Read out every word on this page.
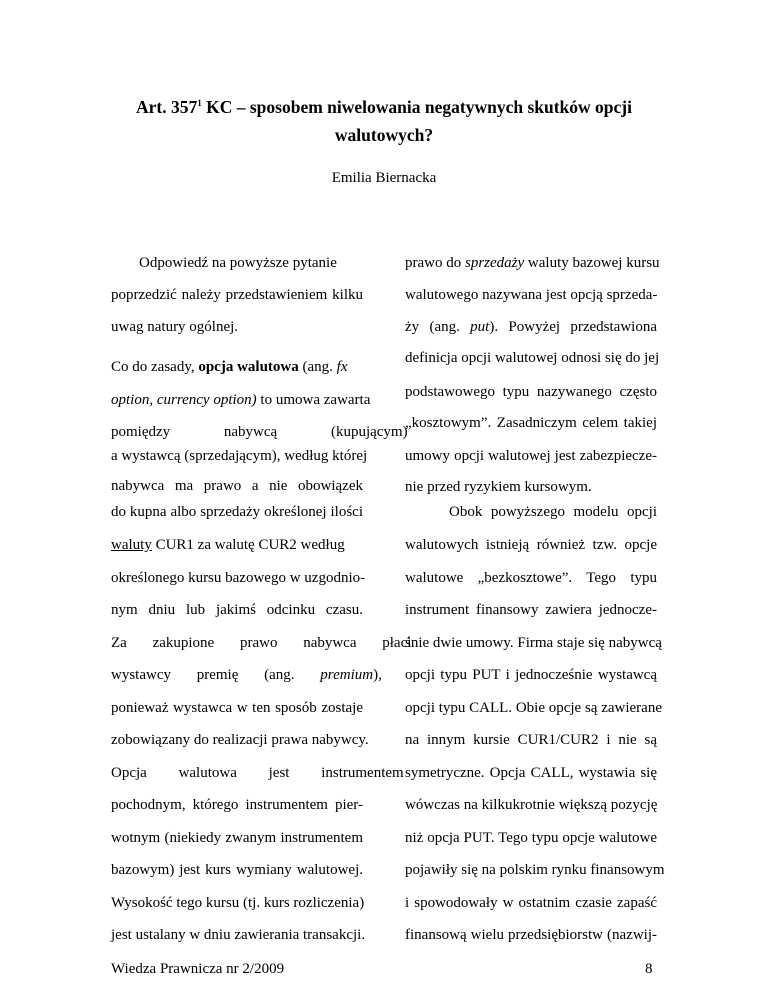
Art. $357^1$ KC – sposobem niwelowania negatywnych skutków opcji
walutowych?
Emilia Biernacka
Odpowiedź na powyższe pytanie
poprzedzić należy przedstawieniem kilku
uwag natury ogólnej.
Co do zasady, opcja walutowa (ang. fx
option, currency option) to umowa zawarta
pomiędzy nabywcą (kupującym)
a wystawcą (sprzedającym), według której
nabywca ma prawo a nie obowiązek
do kupna albo sprzedaży określonej ilości
waluty CUR1 za walutę CUR2 według
określonego kursu bazowego w uzgodnio-
nym dniu lub jakimś odcinku czasu.
Za zakupione prawo nabywca płaci
wystawcy premię (ang. premium),
ponieważ wystawca w ten sposób zostaje
zobowiązany do realizacji prawa nabywcy.
Opcja walutowa jest instrumentem
pochodnym, którego instrumentem pier-
wotnym (niekiedy zwanym instrumentem
bazowym) jest kurs wymiany walutowej.
Wysokość tego kursu (tj. kurs rozliczenia)
jest ustalany w dniu zawierania transakcji.
prawo do sprzedaży waluty bazowej kursu
walutowego nazywana jest opcją sprzeda-
ży (ang. put). Powyżej przedstawiona
definicja opcji walutowej odnosi się do jej
podstawowego typu nazywanego często
„kosztowym”. Zasadniczym celem takiej
umowy opcji walutowej jest zabezpiecze-
nie przed ryzykiem kursowym.
Obok powyższego modelu opcji
walutowych istnieją również tzw. opcje
walutowe „bezkosztowe”. Tego typu
instrument finansowy zawiera jednocze-
śnie dwie umowy. Firma staje się nabywcą
opcji typu PUT i jednocześnie wystawcą
opcji typu CALL. Obie opcje są zawierane
na innym kursie CUR1/CUR2 i nie są
symetryczne. Opcja CALL, wystawia się
wówczas na kilkukrotnie większą pozycję
niż opcja PUT. Tego typu opcje walutowe
pojawiły się na polskim rynku finansowym
i spowodowały w ostatnim czasie zapaść
finansową wielu przedsiębiorstw (nazwij-
Wiedza Prawnicza nr 2/2009	8
